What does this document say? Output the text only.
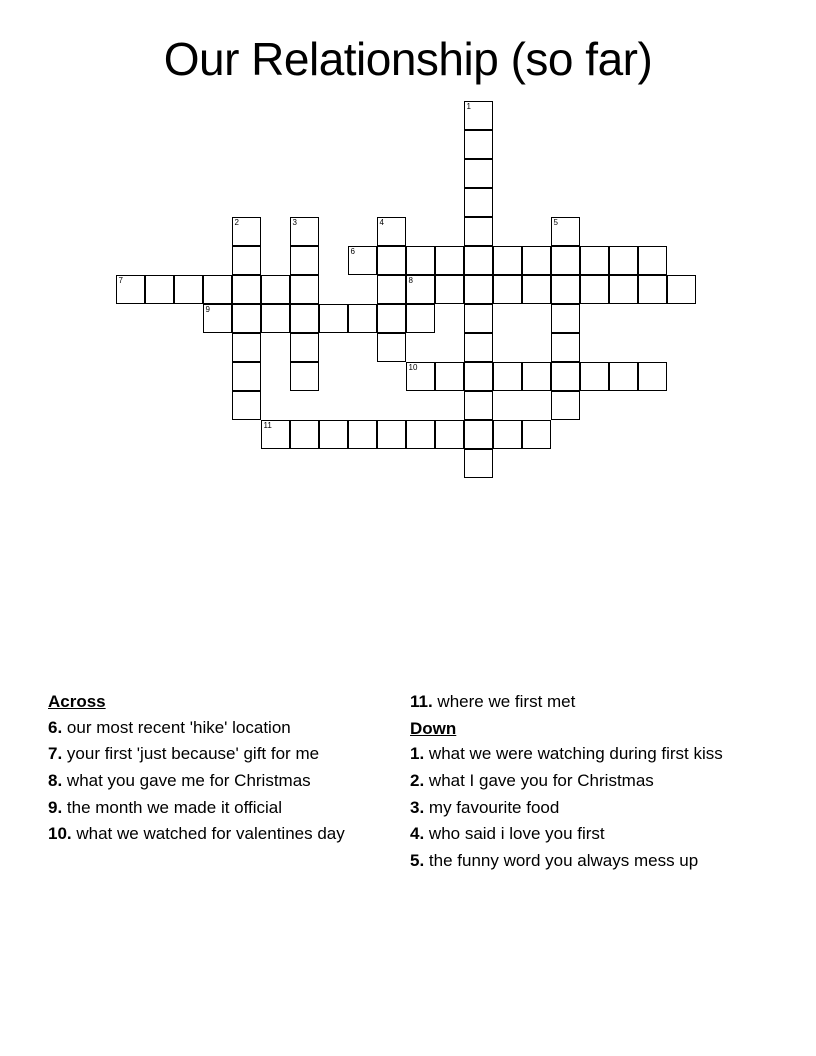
Our Relationship (so far)
1
2	3	4	5
6
7	8
9
10
11
Across
6. our most recent 'hike' location
7. your first 'just because' gift for me
8. what you gave me for Christmas
9. the month we made it official
10. what we watched for valentines day
11. where we first met
Down
1. what we were watching during first kiss
2. what I gave you for Christmas
3. my favourite food
4. who said i love you first
5. the funny word you always mess up
